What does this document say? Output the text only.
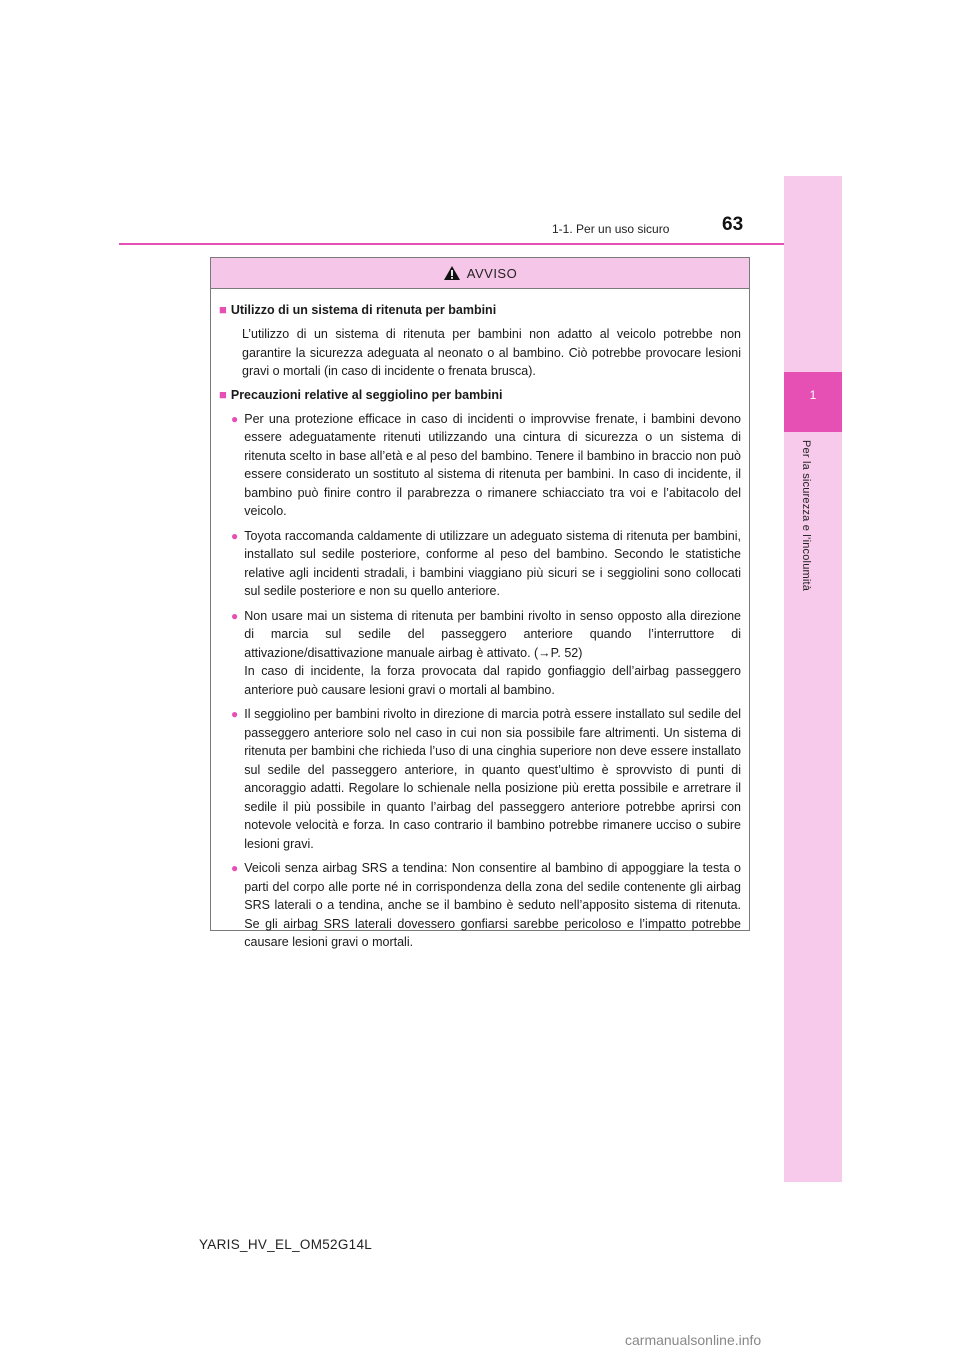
1
Per la sicurezza e l’incolumità
1-1. Per un uso sicuro	63
AVVISO
■ Utilizzo di un sistema di ritenuta per bambini

L’utilizzo di un sistema di ritenuta per bambini non adatto al veicolo potrebbe non garantire la sicurezza adeguata al neonato o al bambino. Ciò potrebbe provocare lesioni gravi o mortali (in caso di incidente o frenata brusca).

■ Precauzioni relative al seggiolino per bambini
● Per una protezione efficace in caso di incidenti o improvvise frenate, i bambini devono essere adeguatamente ritenuti utilizzando una cintura di sicurezza o un sistema di ritenuta scelto in base all’età e al peso del bambino. Tenere il bambino in braccio non può essere considerato un sostituto al sistema di ritenuta per bambini. In caso di incidente, il bambino può finire contro il parabrezza o rimanere schiacciato tra voi e l’abitacolo del veicolo.
● Toyota raccomanda caldamente di utilizzare un adeguato sistema di ritenuta per bambini, installato sul sedile posteriore, conforme al peso del bambino. Secondo le statistiche relative agli incidenti stradali, i bambini viaggiano più sicuri se i seggiolini sono collocati sul sedile posteriore e non su quello anteriore.
● Non usare mai un sistema di ritenuta per bambini rivolto in senso opposto alla direzione di marcia sul sedile del passeggero anteriore quando l’interruttore di attivazione/disattivazione manuale airbag è attivato. (→P. 52)
In caso di incidente, la forza provocata dal rapido gonfiaggio dell’airbag passeggero anteriore può causare lesioni gravi o mortali al bambino.
● Il seggiolino per bambini rivolto in direzione di marcia potrà essere installato sul sedile del passeggero anteriore solo nel caso in cui non sia possibile fare altrimenti. Un sistema di ritenuta per bambini che richieda l’uso di una cinghia superiore non deve essere installato sul sedile del passeggero anteriore, in quanto quest’ultimo è sprovvisto di punti di ancoraggio adatti. Regolare lo schienale nella posizione più eretta possibile e arretrare il sedile il più possibile in quanto l’airbag del passeggero anteriore potrebbe aprirsi con notevole velocità e forza. In caso contrario il bambino potrebbe rimanere ucciso o subire lesioni gravi.
● Veicoli senza airbag SRS a tendina: Non consentire al bambino di appoggiare la testa o parti del corpo alle porte né in corrispondenza della zona del sedile contenente gli airbag SRS laterali o a tendina, anche se il bambino è seduto nell’apposito sistema di ritenuta. Se gli airbag SRS laterali dovessero gonfiarsi sarebbe pericoloso e l’impatto potrebbe causare lesioni gravi o mortali.
YARIS_HV_EL_OM52G14L
carmanualsonline.info
